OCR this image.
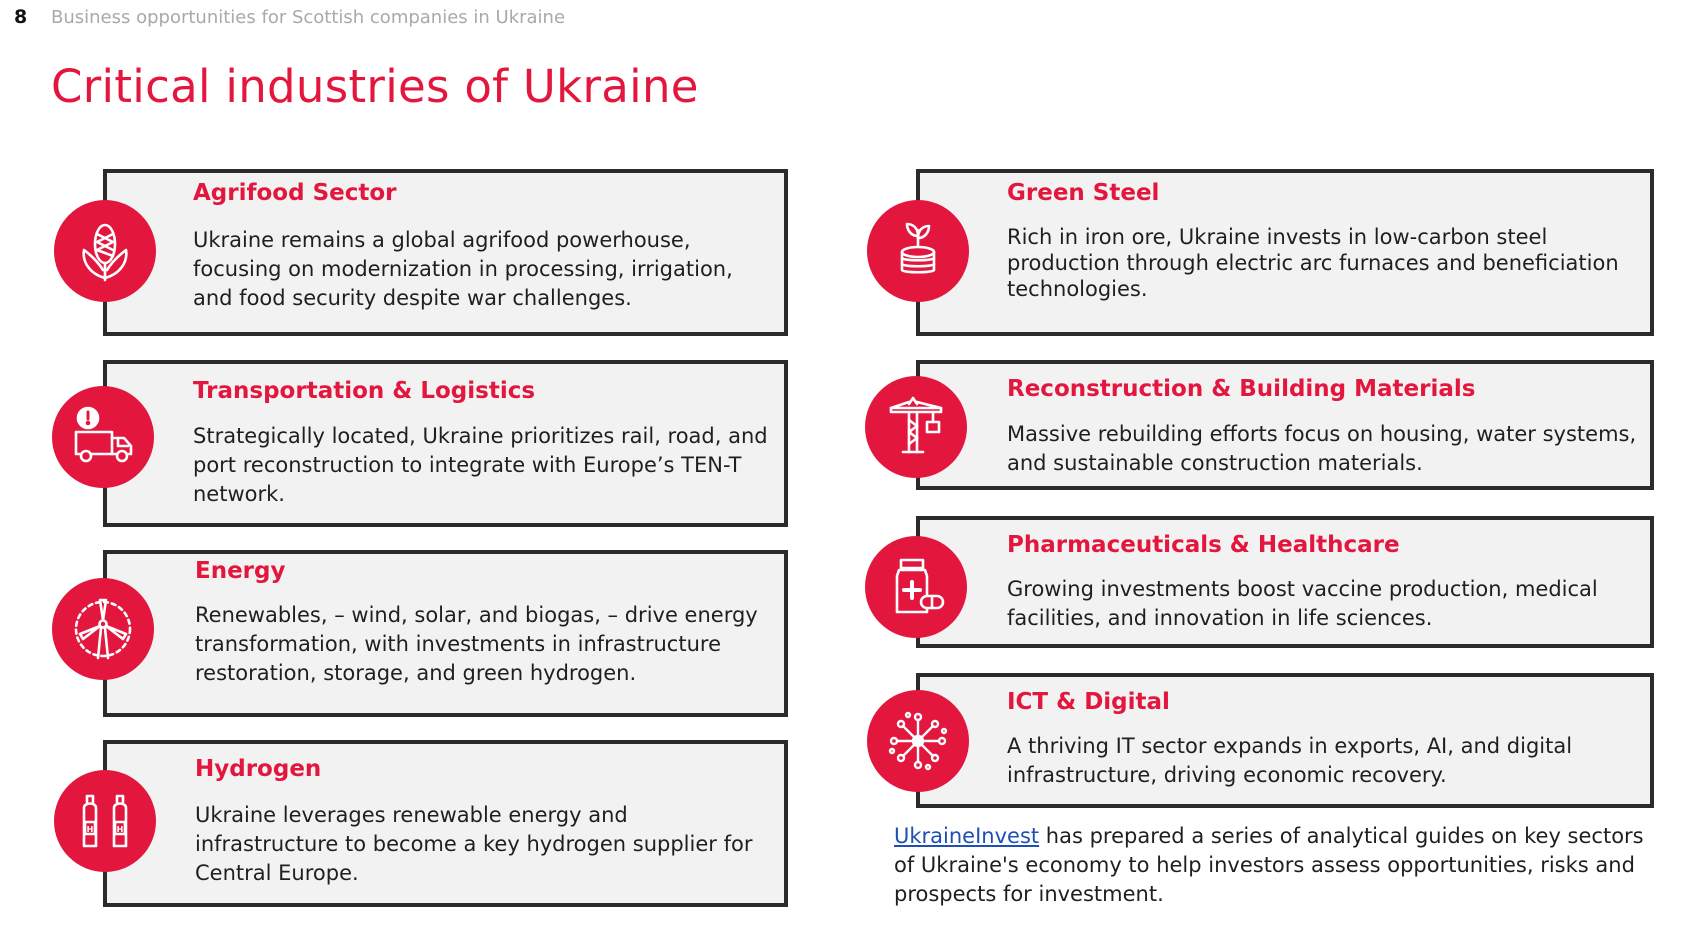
8 Business opportunities for Scottish companies in Ukraine
Critical industries of Ukraine
Agrifood Sector
Ukraine remains a global agrifood powerhouse, focusing on modernization in processing, irrigation, and food security despite war challenges.
Transportation & Logistics
Strategically located, Ukraine prioritizes rail, road, and port reconstruction to integrate with Europe’s TEN-T network.
Energy
Renewables, – wind, solar, and biogas, – drive energy transformation, with investments in infrastructure restoration, storage, and green hydrogen.
Hydrogen
Ukraine leverages renewable energy and infrastructure to become a key hydrogen supplier for Central Europe.
H	H
Green Steel
Rich in iron ore, Ukraine invests in low-carbon steel production through electric arc furnaces and beneficiation technologies.
Reconstruction & Building Materials
Massive rebuilding efforts focus on housing, water systems, and sustainable construction materials.
Pharmaceuticals & Healthcare
Growing investments boost vaccine production, medical facilities, and innovation in life sciences.
ICT & Digital
A thriving IT sector expands in exports, AI, and digital infrastructure, driving economic recovery.
UkraineInvest has prepared a series of analytical guides on key sectors of Ukraine's economy to help investors assess opportunities, risks and prospects for investment.
